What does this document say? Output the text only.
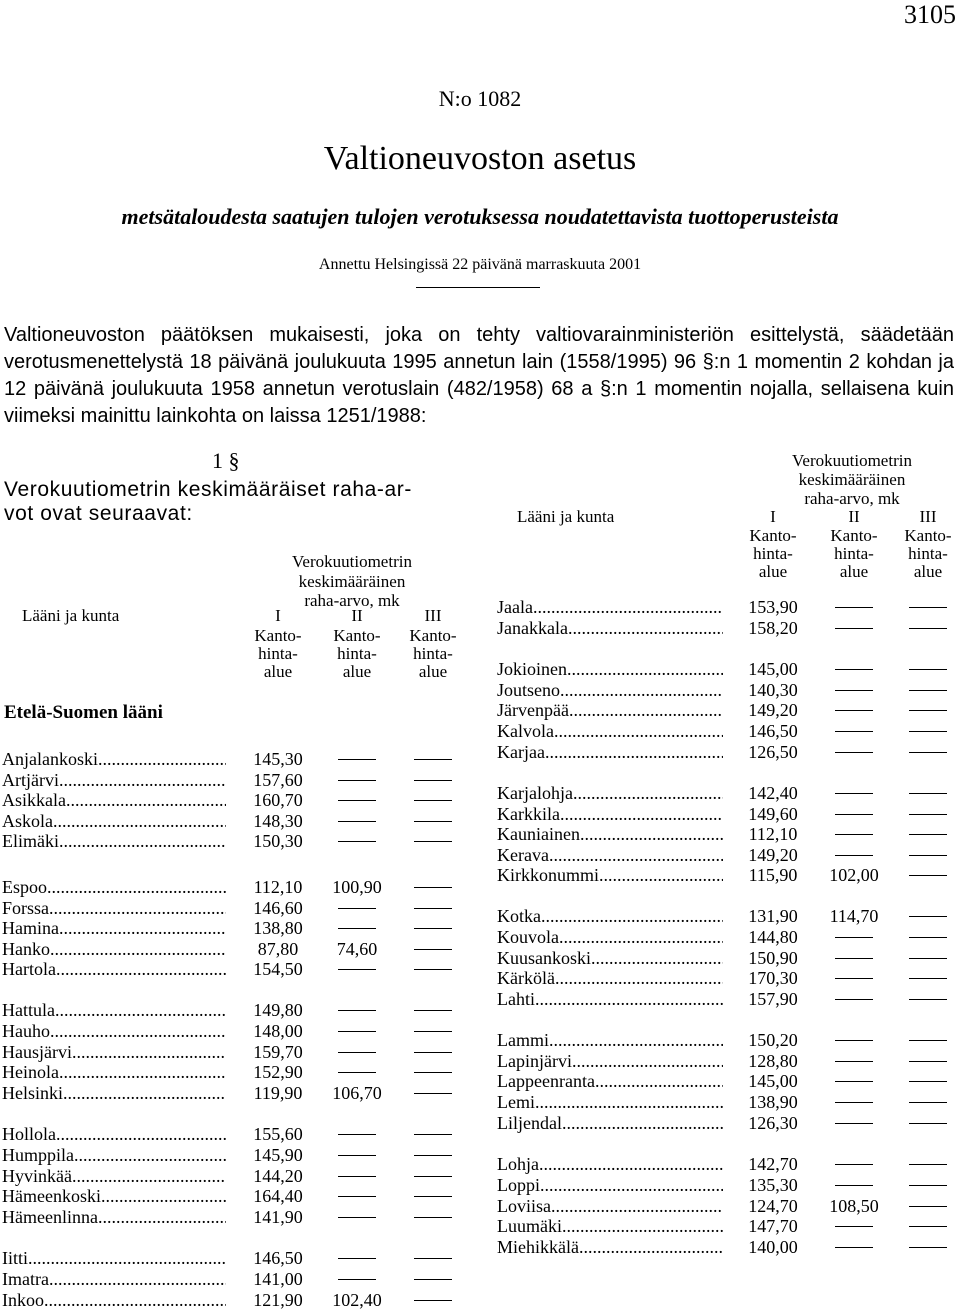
3105
N:o 1082
Valtioneuvoston asetus
metsätaloudesta saatujen tulojen verotuksessa noudatettavista tuottoperusteista
Annettu Helsingissä 22 päivänä marraskuuta 2001
Valtioneuvoston päätöksen mukaisesti, joka on tehty valtiovarainministeriön esittelystä, säädetään verotusmenettelystä 18 päivänä joulukuuta 1995 annetun lain (1558/1995) 96 §:n 1 momentin 2 kohdan ja 12 päivänä joulukuuta 1958 annetun verotuslain (482/1958) 68 a §:n 1 momentin nojalla, sellaisena kuin viimeksi mainittu lainkohta on laissa 1251/1988:
1 §
Verokuutiometrin keskimääräiset raha-ar-
vot ovat seuraavat:
Verokuutiometrin
keskimääräinen
raha-arvo, mk
Lääni ja kunta	I	II	III
Kanto-	Kanto-	Kanto-
hinta-	hinta-	hinta-
alue	alue	alue
Etelä-Suomen lääni
Verokuutiometrin
keskimääräinen
raha-arvo, mk
Lääni ja kunta	I	II	III
Kanto-	Kanto-	Kanto-
hinta-	hinta-	hinta-
alue	alue	alue
Anjalankoski .....	145,30
Artjärvi .....	157,60
Asikkala .....	160,70
Askola .....	148,30
Elimäki .....	150,30
Espoo .....	112,10	100,90
Forssa .....	146,60
Hamina .....	138,80
Hanko .....	87,80	74,60
Hartola .....	154,50
Hattula .....	149,80
Hauho .....	148,00
Hausjärvi .....	159,70
Heinola .....	152,90
Helsinki .....	119,90	106,70
Hollola .....	155,60
Humppila .....	145,90
Hyvinkää .....	144,20
Hämeenkoski .....	164,40
Hämeenlinna .....	141,90
Iitti .....	146,50
Imatra .....	141,00
Inkoo .....	121,90	102,40
Jaala .....	153,90
Janakkala .....	158,20
Jokioinen .....	145,00
Joutseno .....	140,30
Järvenpää .....	149,20
Kalvola .....	146,50
Karjaa .....	126,50
Karjalohja .....	142,40
Karkkila .....	149,60
Kauniainen .....	112,10
Kerava .....	149,20
Kirkkonummi .....	115,90	102,00
Kotka .....	131,90	114,70
Kouvola .....	144,80
Kuusankoski .....	150,90
Kärkölä .....	170,30
Lahti .....	157,90
Lammi .....	150,20
Lapinjärvi .....	128,80
Lappeenranta .....	145,00
Lemi .....	138,90
Liljendal .....	126,30
Lohja .....	142,70
Loppi .....	135,30
Loviisa .....	124,70	108,50
Luumäki .....	147,70
Miehikkälä .....	140,00
